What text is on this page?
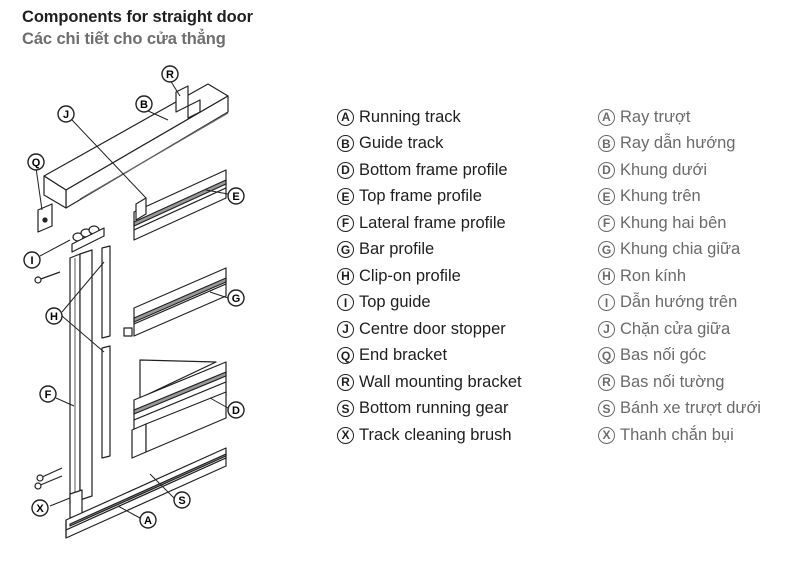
Components for straight door
Các chi tiết cho cửa thẳng
R
B
J
Q
E
I
H
G
F
D
S
X
A
A Running track
B Guide track
D Bottom frame profile
E Top frame profile
F Lateral frame profile
G Bar profile
H Clip-on profile
I Top guide
J Centre door stopper
Q End bracket
R Wall mounting bracket
S Bottom running gear
X Track cleaning brush
A Ray trượt
B Ray dẫn hướng
D Khung dưới
E Khung trên
F Khung hai bên
G Khung chia giữa
H Ron kính
I Dẫn hướng trên
J Chặn cửa giữa
Q Bas nối góc
R Bas nối tường
S Bánh xe trượt dưới
X Thanh chắn bụi
